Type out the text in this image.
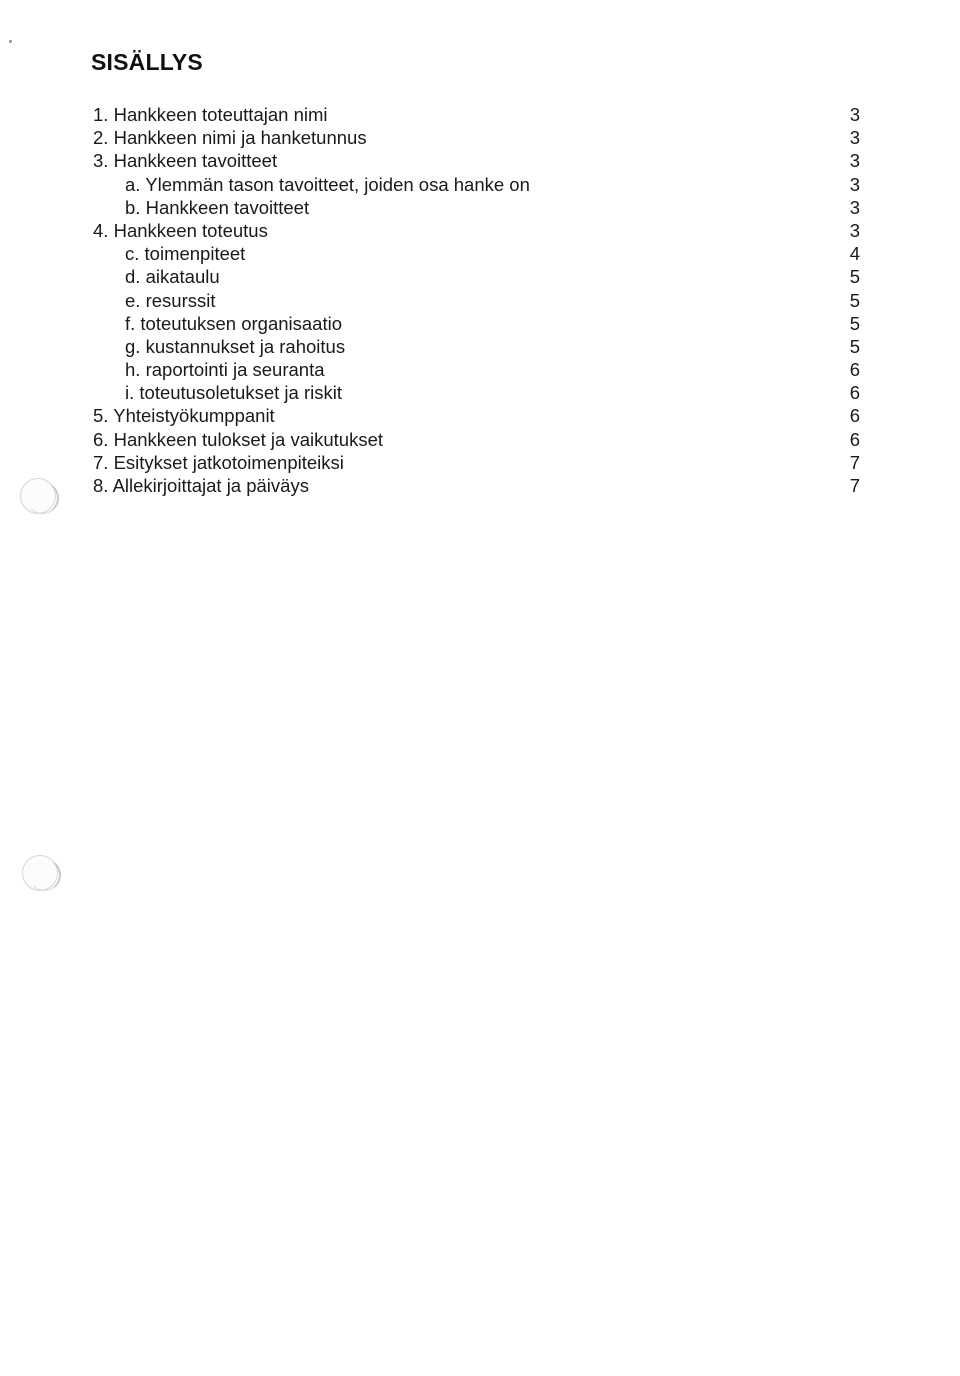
SISÄLLYS
1. Hankkeen toteuttajan nimi	3
2. Hankkeen nimi ja hanketunnus	3
3. Hankkeen tavoitteet	3
a. Ylemmän tason tavoitteet, joiden osa hanke on	3
b. Hankkeen tavoitteet	3
4. Hankkeen toteutus	3
c. toimenpiteet	4
d. aikataulu	5
e. resurssit	5
f. toteutuksen organisaatio	5
g. kustannukset ja rahoitus	5
h. raportointi ja seuranta	6
i. toteutusoletukset ja riskit	6
5. Yhteistyökumppanit	6
6. Hankkeen tulokset ja vaikutukset	6
7. Esitykset jatkotoimenpiteiksi	7
8. Allekirjoittajat ja päiväys	7
